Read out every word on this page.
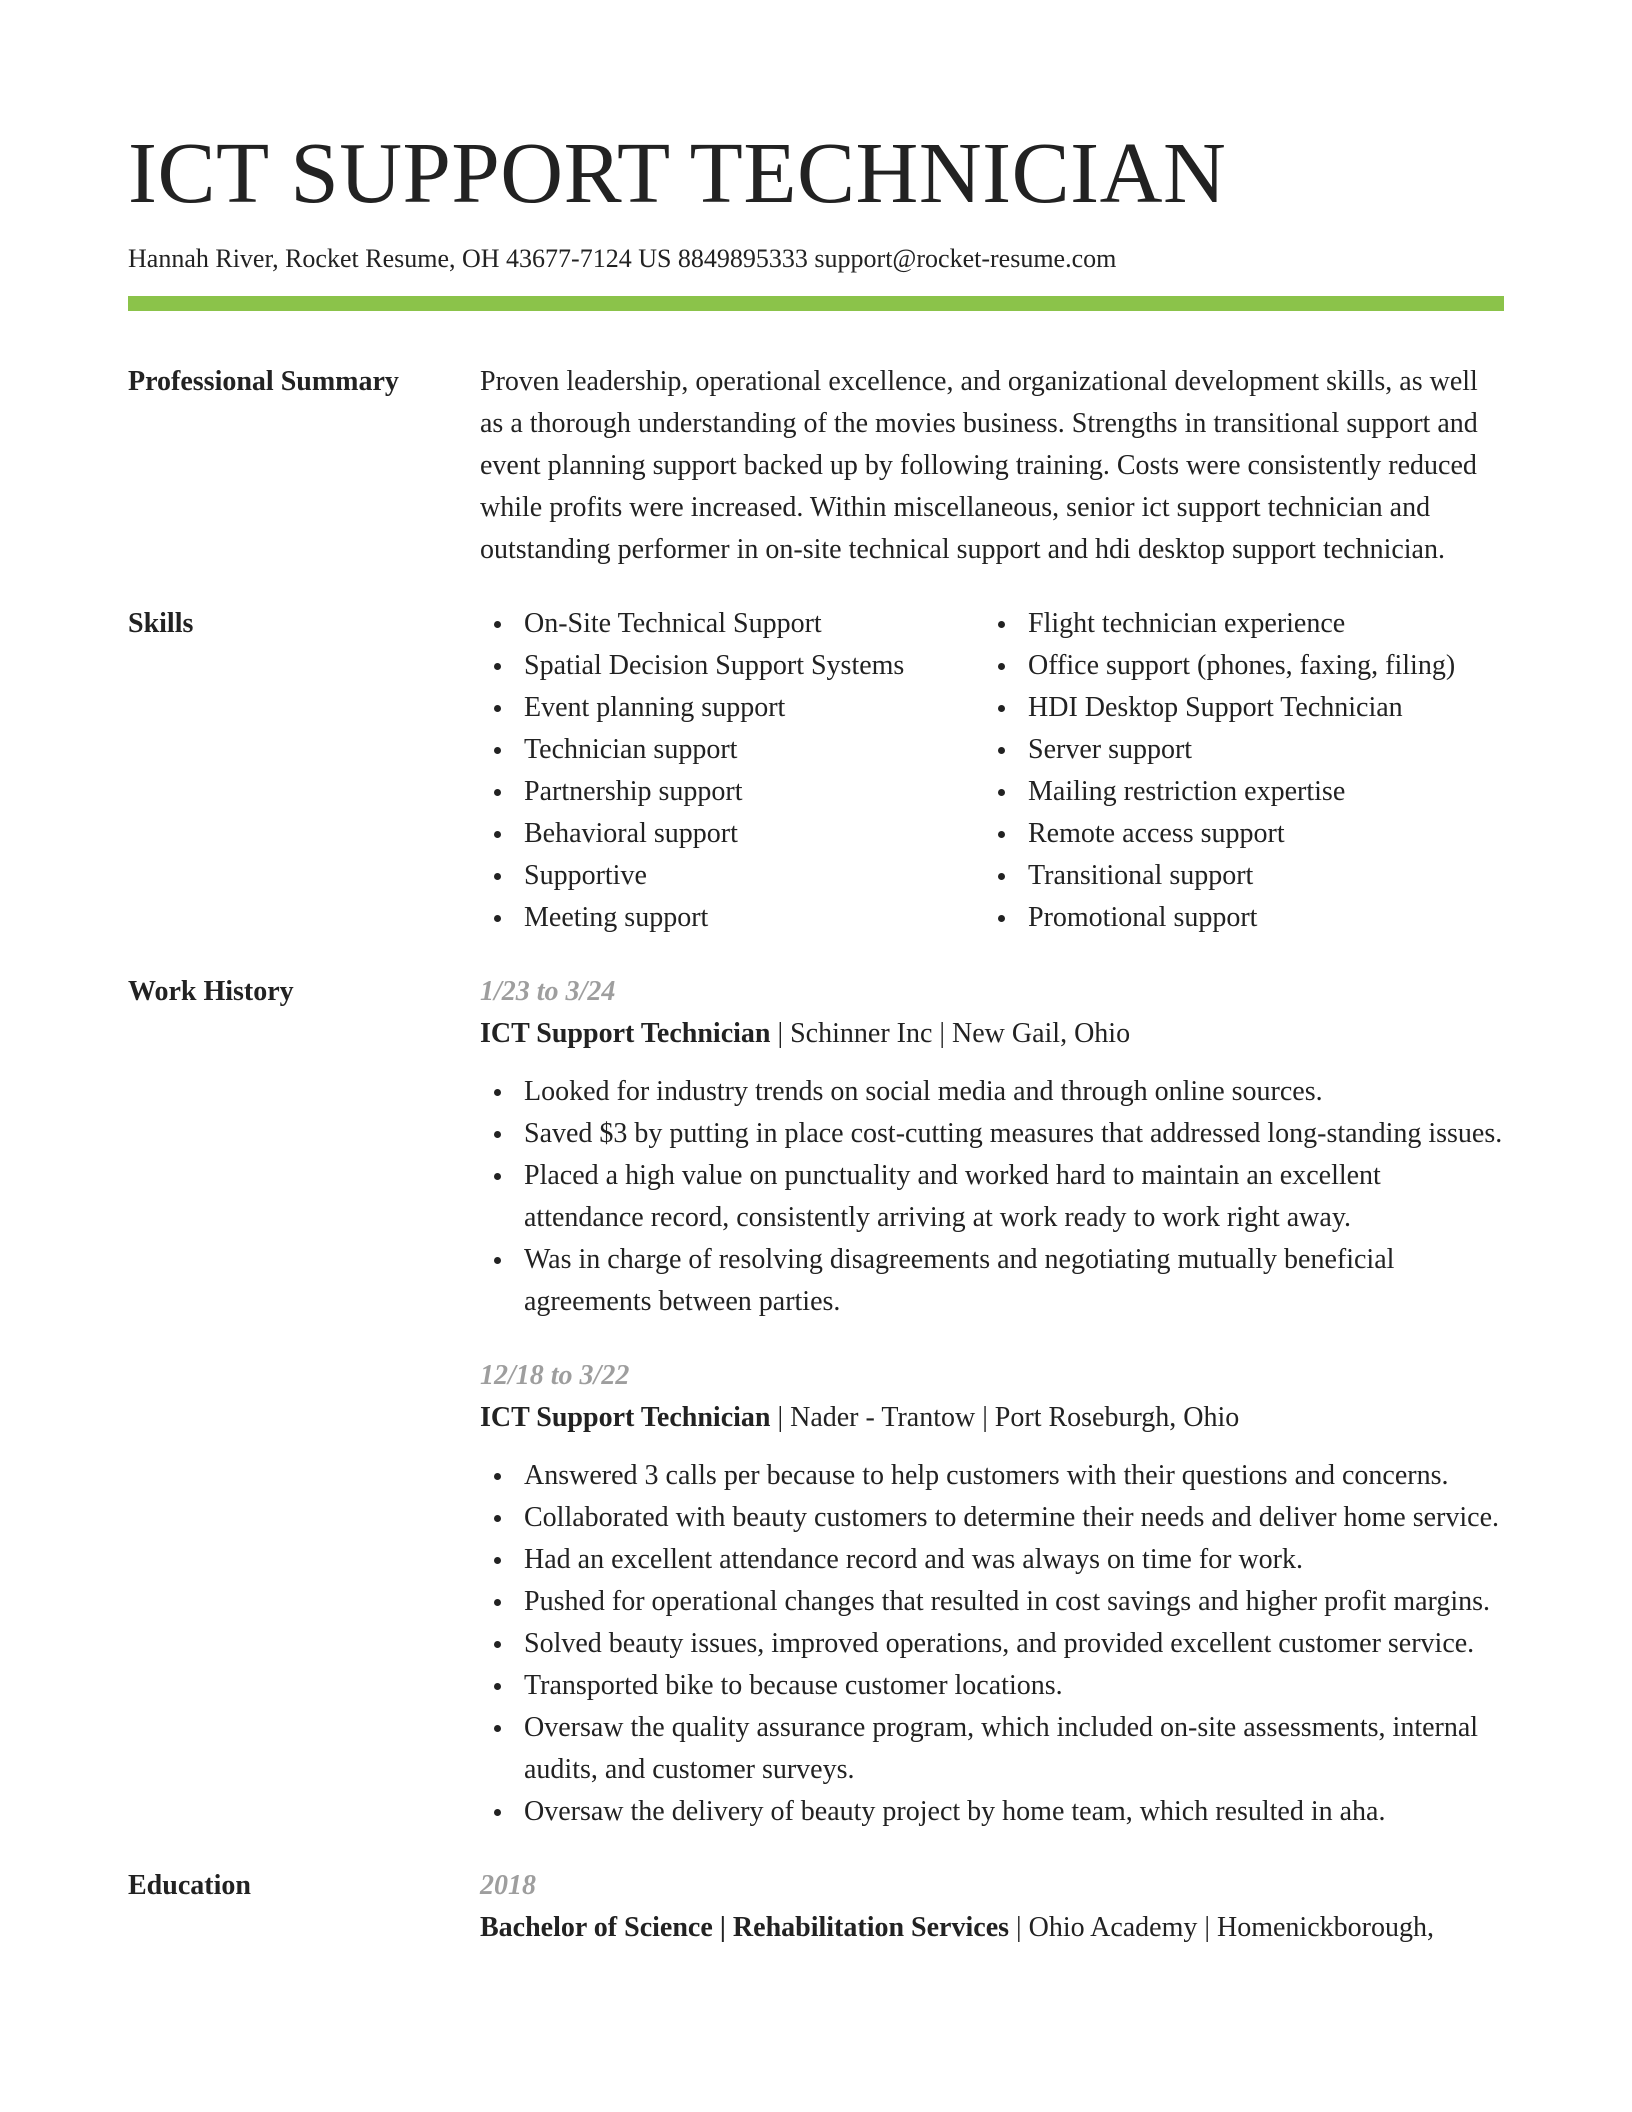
ICT SUPPORT TECHNICIAN
Hannah River, Rocket Resume, OH 43677-7124 US 8849895333 support@rocket-resume.com
Professional Summary	Proven leadership, operational excellence, and organizational development skills, as well as a thorough understanding of the movies business. Strengths in transitional support and event planning support backed up by following training. Costs were consistently reduced while profits were increased. Within miscellaneous, senior ict support technician and outstanding performer in on-site technical support and hdi desktop support technician.
Skills	On-Site Technical Support
Spatial Decision Support Systems
Event planning support
Technician support
Partnership support
Behavioral support
Supportive
Meeting support
Flight technician experience
Office support (phones, faxing, filing)
HDI Desktop Support Technician
Server support
Mailing restriction expertise
Remote access support
Transitional support
Promotional support
Work History	1/23 to 3/24
ICT Support Technician | Schinner Inc | New Gail, Ohio
Looked for industry trends on social media and through online sources.
Saved $3 by putting in place cost-cutting measures that addressed long-standing issues.
Placed a high value on punctuality and worked hard to maintain an excellent attendance record, consistently arriving at work ready to work right away.
Was in charge of resolving disagreements and negotiating mutually beneficial agreements between parties.
12/18 to 3/22
ICT Support Technician | Nader - Trantow | Port Roseburgh, Ohio
Answered 3 calls per because to help customers with their questions and concerns.
Collaborated with beauty customers to determine their needs and deliver home service.
Had an excellent attendance record and was always on time for work.
Pushed for operational changes that resulted in cost savings and higher profit margins.
Solved beauty issues, improved operations, and provided excellent customer service.
Transported bike to because customer locations.
Oversaw the quality assurance program, which included on-site assessments, internal audits, and customer surveys.
Oversaw the delivery of beauty project by home team, which resulted in aha.
Education	2018
Bachelor of Science | Rehabilitation Services | Ohio Academy | Homenickborough,
